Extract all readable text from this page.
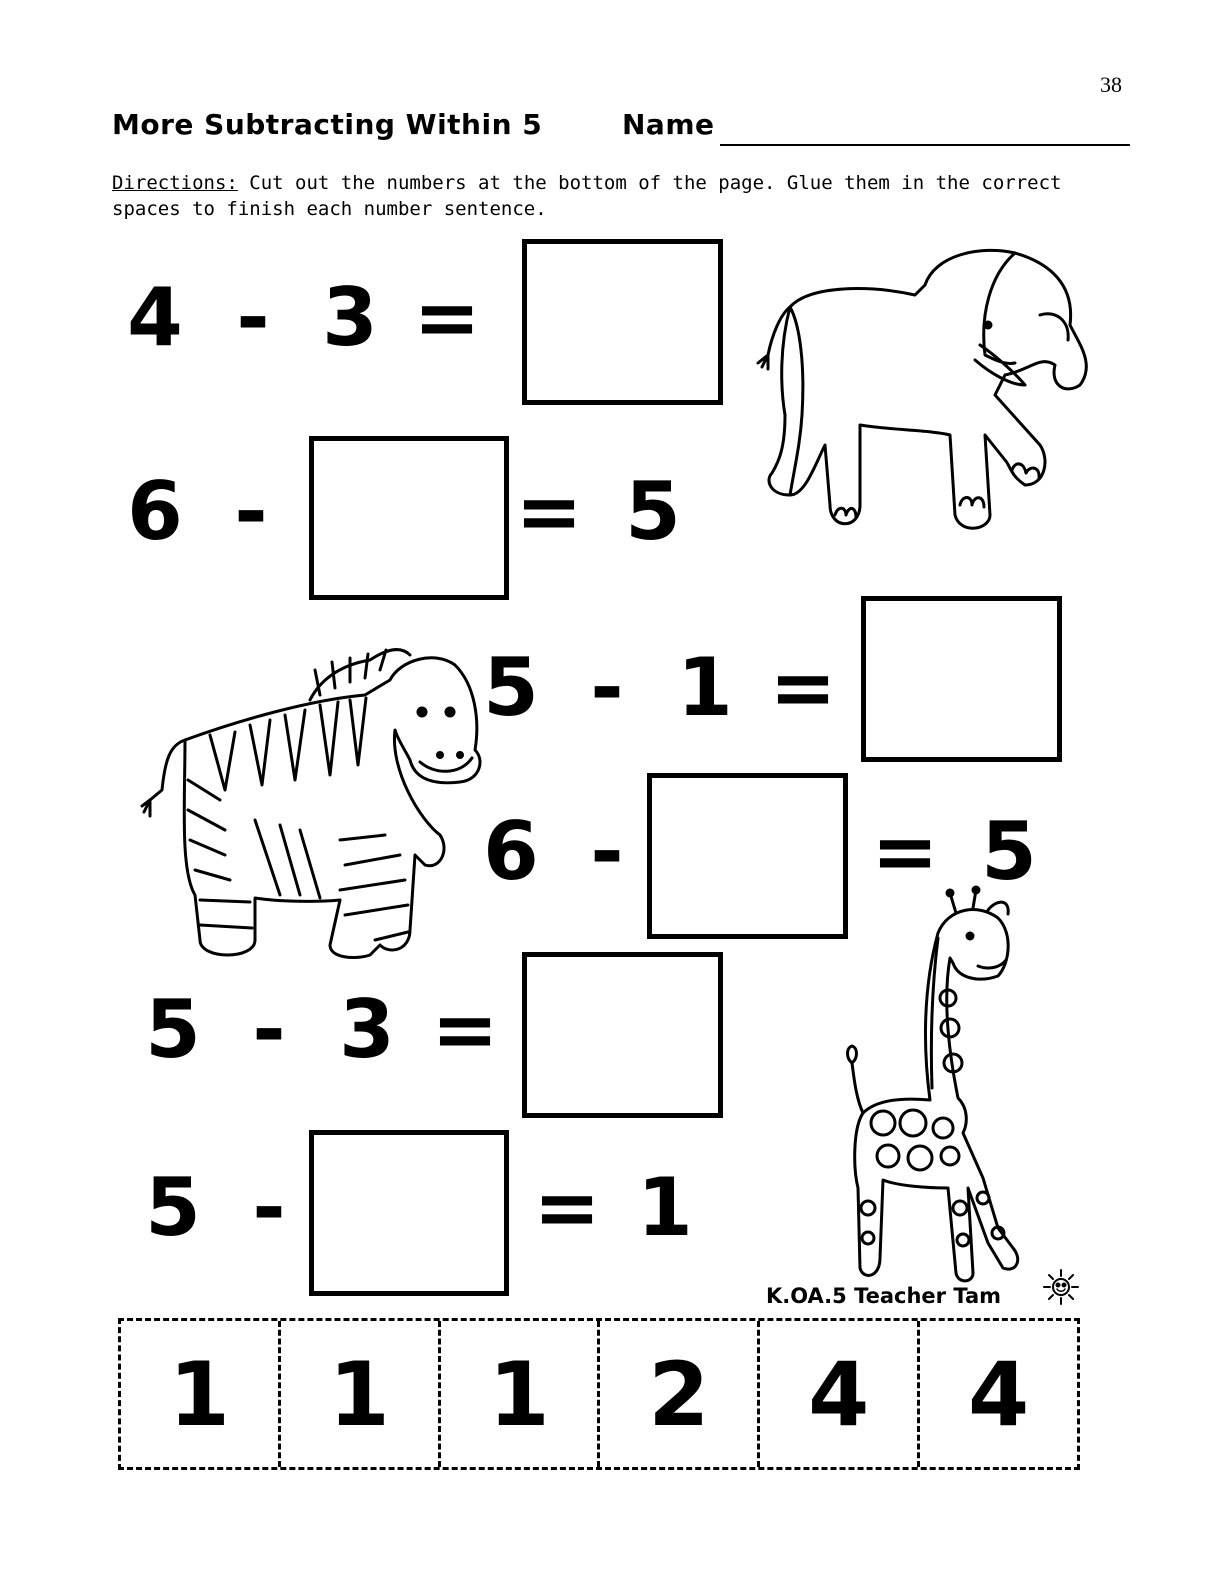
38
More Subtracting Within 5	Name
Directions: Cut out the numbers at the bottom of the page. Glue them in the correct spaces to finish each number sentence.
4 - 3 =
6 -	= 5
5 - 1 =
6 -	= 5
5 - 3 =
5 -	= 1
K.OA.5 Teacher Tam
1	1	1	2	4	4
